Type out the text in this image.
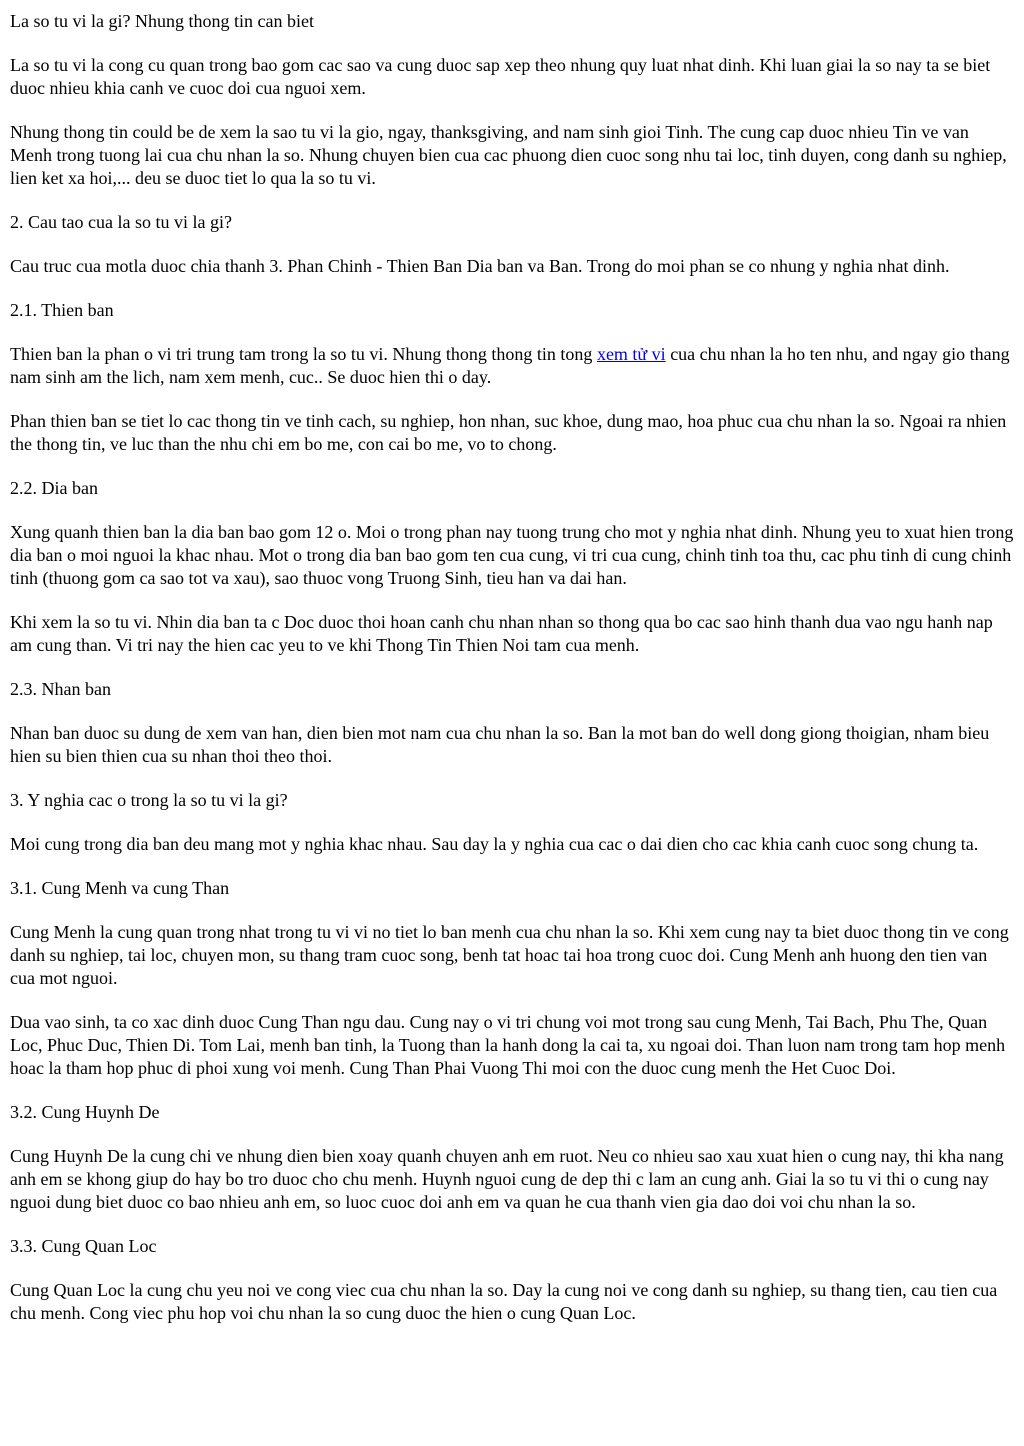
La so tu vi la gi? Nhung thong tin can biet

La so tu vi la cong cu quan trong bao gom cac sao va cung duoc sap xep theo nhung quy luat nhat dinh. Khi luan giai la so nay ta se biet duoc nhieu khia canh ve cuoc doi cua nguoi xem.

Nhung thong tin could be de xem la sao tu vi la gio, ngay, thanksgiving, and nam sinh gioi Tinh. The cung cap duoc nhieu Tin ve van Menh trong tuong lai cua chu nhan la so. Nhung chuyen bien cua cac phuong dien cuoc song nhu tai loc, tinh duyen, cong danh su nghiep, lien ket xa hoi,... deu se duoc tiet lo qua la so tu vi.

2. Cau tao cua la so tu vi la gi?

Cau truc cua motla duoc chia thanh 3. Phan Chinh - Thien Ban Dia ban va Ban. Trong do moi phan se co nhung y nghia nhat dinh.

2.1. Thien ban

Thien ban la phan o vi tri trung tam trong la so tu vi. Nhung thong thong tin tong xem tử vi cua chu nhan la ho ten nhu, and ngay gio thang nam sinh am the lich, nam xem menh, cuc.. Se duoc hien thi o day.

Phan thien ban se tiet lo cac thong tin ve tinh cach, su nghiep, hon nhan, suc khoe, dung mao, hoa phuc cua chu nhan la so. Ngoai ra nhien the thong tin, ve luc than the nhu chi em bo me, con cai bo me, vo to chong.

2.2. Dia ban

Xung quanh thien ban la dia ban bao gom 12 o. Moi o trong phan nay tuong trung cho mot y nghia nhat dinh. Nhung yeu to xuat hien trong dia ban o moi nguoi la khac nhau. Mot o trong dia ban bao gom ten cua cung, vi tri cua cung, chinh tinh toa thu, cac phu tinh di cung chinh tinh (thuong gom ca sao tot va xau), sao thuoc vong Truong Sinh, tieu han va dai han.

Khi xem la so tu vi. Nhin dia ban ta c Doc duoc thoi hoan canh chu nhan nhan so thong qua bo cac sao hinh thanh dua vao ngu hanh nap am cung than. Vi tri nay the hien cac yeu to ve khi Thong Tin Thien Noi tam cua menh.

2.3. Nhan ban

Nhan ban duoc su dung de xem van han, dien bien mot nam cua chu nhan la so. Ban la mot ban do well dong giong thoigian, nham bieu hien su bien thien cua su nhan thoi theo thoi.

3. Y nghia cac o trong la so tu vi la gi?

Moi cung trong dia ban deu mang mot y nghia khac nhau. Sau day la y nghia cua cac o dai dien cho cac khia canh cuoc song chung ta.

3.1. Cung Menh va cung Than

Cung Menh la cung quan trong nhat trong tu vi vi no tiet lo ban menh cua chu nhan la so. Khi xem cung nay ta biet duoc thong tin ve cong danh su nghiep, tai loc, chuyen mon, su thang tram cuoc song, benh tat hoac tai hoa trong cuoc doi. Cung Menh anh huong den tien van cua mot nguoi.

Dua vao sinh, ta co xac dinh duoc Cung Than ngu dau. Cung nay o vi tri chung voi mot trong sau cung Menh, Tai Bach, Phu The, Quan Loc, Phuc Duc, Thien Di. Tom Lai, menh ban tinh, la Tuong than la hanh dong la cai ta, xu ngoai doi. Than luon nam trong tam hop menh hoac la tham hop phuc di phoi xung voi menh. Cung Than Phai Vuong Thi moi con the duoc cung menh the Het Cuoc Doi.

3.2. Cung Huynh De

Cung Huynh De la cung chi ve nhung dien bien xoay quanh chuyen anh em ruot. Neu co nhieu sao xau xuat hien o cung nay, thi kha nang anh em se khong giup do hay bo tro duoc cho chu menh. Huynh nguoi cung de dep thi c lam an cung anh. Giai la so tu vi thi o cung nay nguoi dung biet duoc co bao nhieu anh em, so luoc cuoc doi anh em va quan he cua thanh vien gia dao doi voi chu nhan la so.

3.3. Cung Quan Loc

Cung Quan Loc la cung chu yeu noi ve cong viec cua chu nhan la so. Day la cung noi ve cong danh su nghiep, su thang tien, cau tien cua chu menh. Cong viec phu hop voi chu nhan la so cung duoc the hien o cung Quan Loc.
